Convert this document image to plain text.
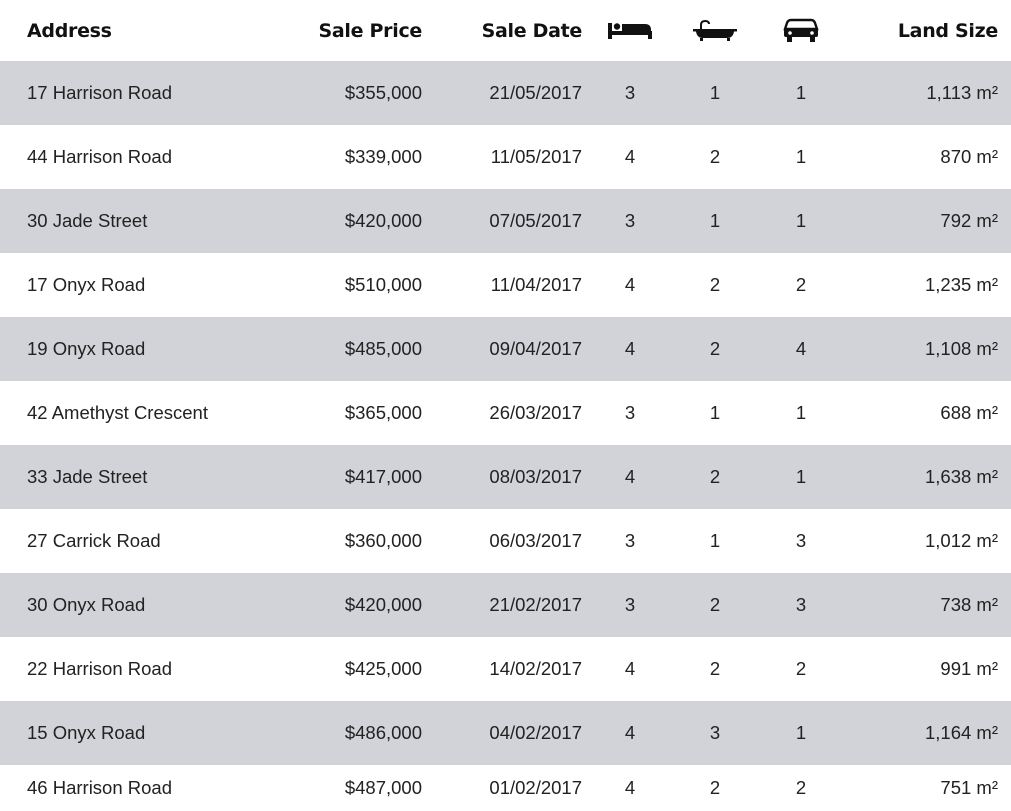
Address	Sale Price	Sale Date				Land Size
17 Harrison Road	$355,000	21/05/2017	3	1	1	1,113 m²
44 Harrison Road	$339,000	11/05/2017	4	2	1	870 m²
30 Jade Street	$420,000	07/05/2017	3	1	1	792 m²
17 Onyx Road	$510,000	11/04/2017	4	2	2	1,235 m²
19 Onyx Road	$485,000	09/04/2017	4	2	4	1,108 m²
42 Amethyst Crescent	$365,000	26/03/2017	3	1	1	688 m²
33 Jade Street	$417,000	08/03/2017	4	2	1	1,638 m²
27 Carrick Road	$360,000	06/03/2017	3	1	3	1,012 m²
30 Onyx Road	$420,000	21/02/2017	3	2	3	738 m²
22 Harrison Road	$425,000	14/02/2017	4	2	2	991 m²
15 Onyx Road	$486,000	04/02/2017	4	3	1	1,164 m²
46 Harrison Road	$487,000	01/02/2017	4	2	2	751 m²
